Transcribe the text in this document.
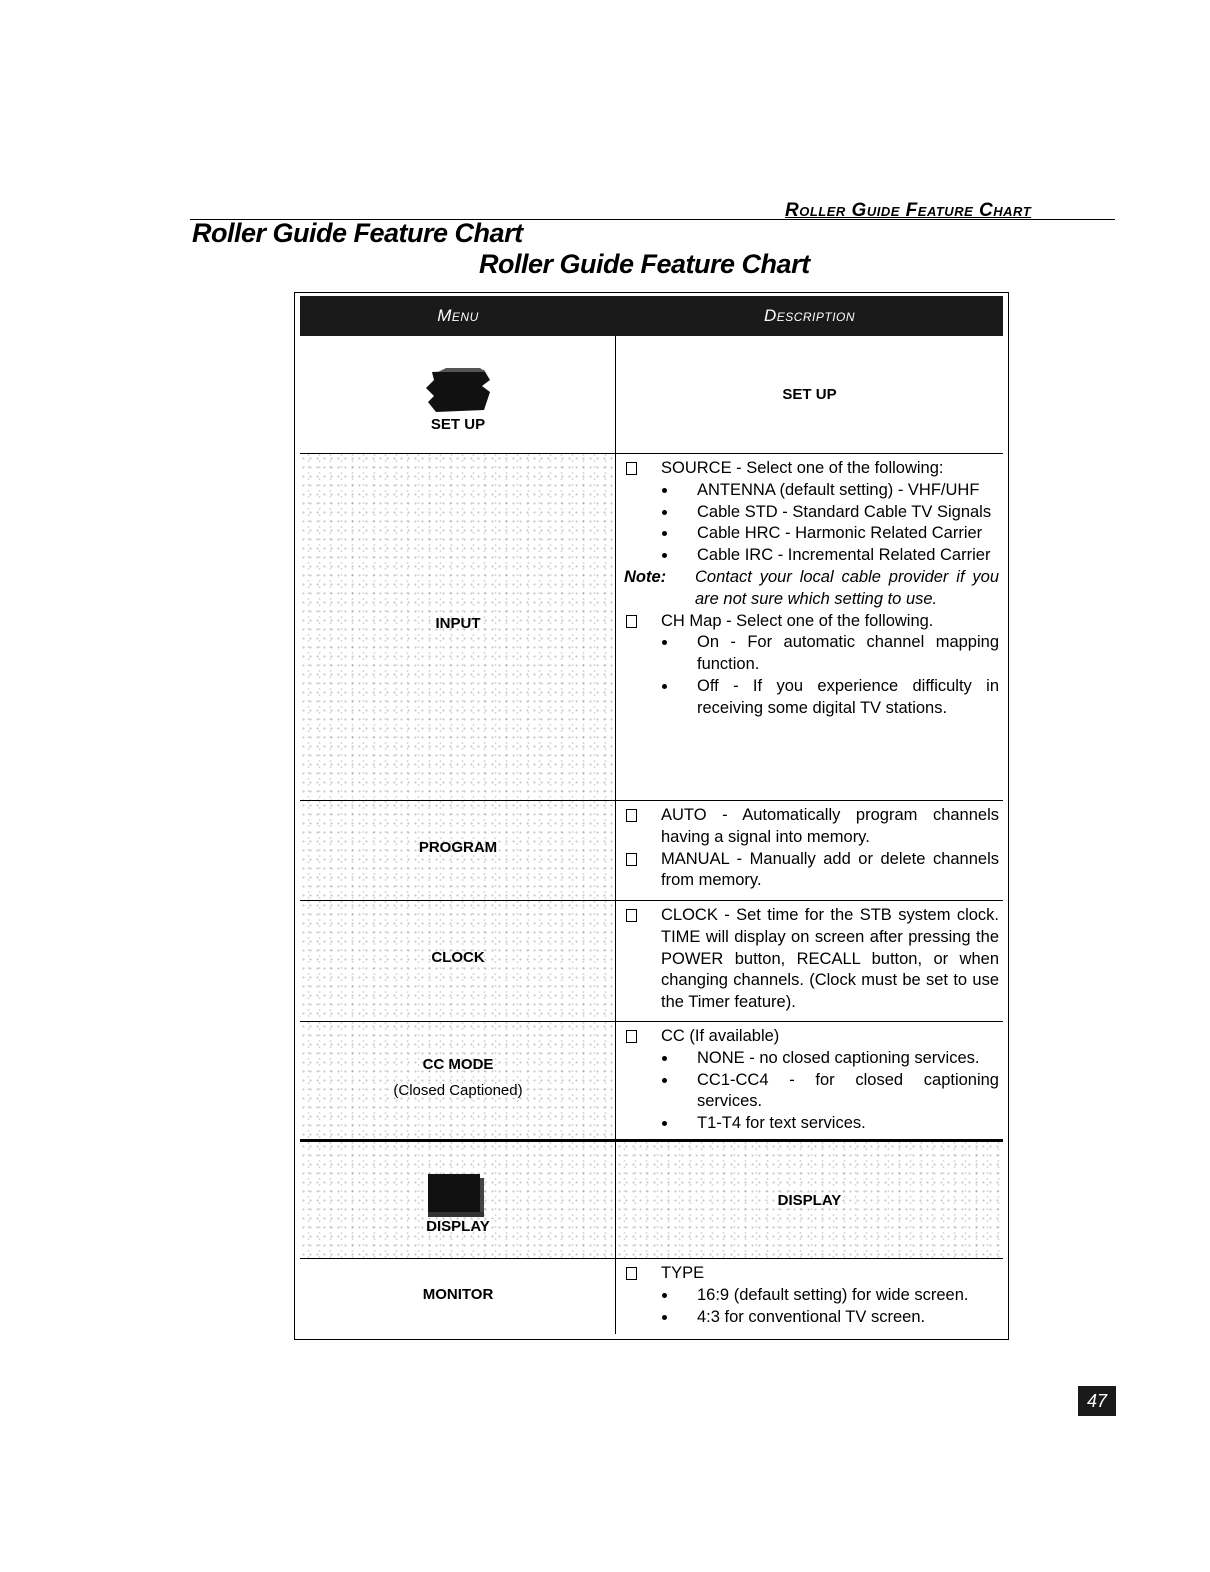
Roller Guide Feature Chart
Roller Guide Feature Chart
Roller Guide Feature Chart
Menu	Description
SET UP
SET UP
INPUT
SOURCE - Select one of the following:
ANTENNA (default setting) - VHF/UHF
Cable STD - Standard Cable TV Signals
Cable HRC - Harmonic Related Carrier
Cable IRC - Incremental Related Carrier
Note:	Contact your local cable provider if you are not sure which setting to use.
CH Map - Select one of the following.
On - For automatic channel mapping function.
Off - If you experience difficulty in receiving some digital TV stations.
PROGRAM
AUTO - Automatically program channels having a signal into memory.
MANUAL - Manually add or delete channels from memory.
CLOCK
CLOCK - Set time for the STB system clock. TIME will display on screen after pressing the POWER button, RECALL button, or when changing channels. (Clock must be set to use the Timer feature).
CC MODE
(Closed Captioned)
CC (If available)
NONE - no closed captioning services.
CC1-CC4 - for closed captioning services.
T1-T4 for text services.
DISPLAY
DISPLAY
MONITOR
TYPE
16:9 (default setting) for wide screen.
4:3 for conventional TV screen.
47
